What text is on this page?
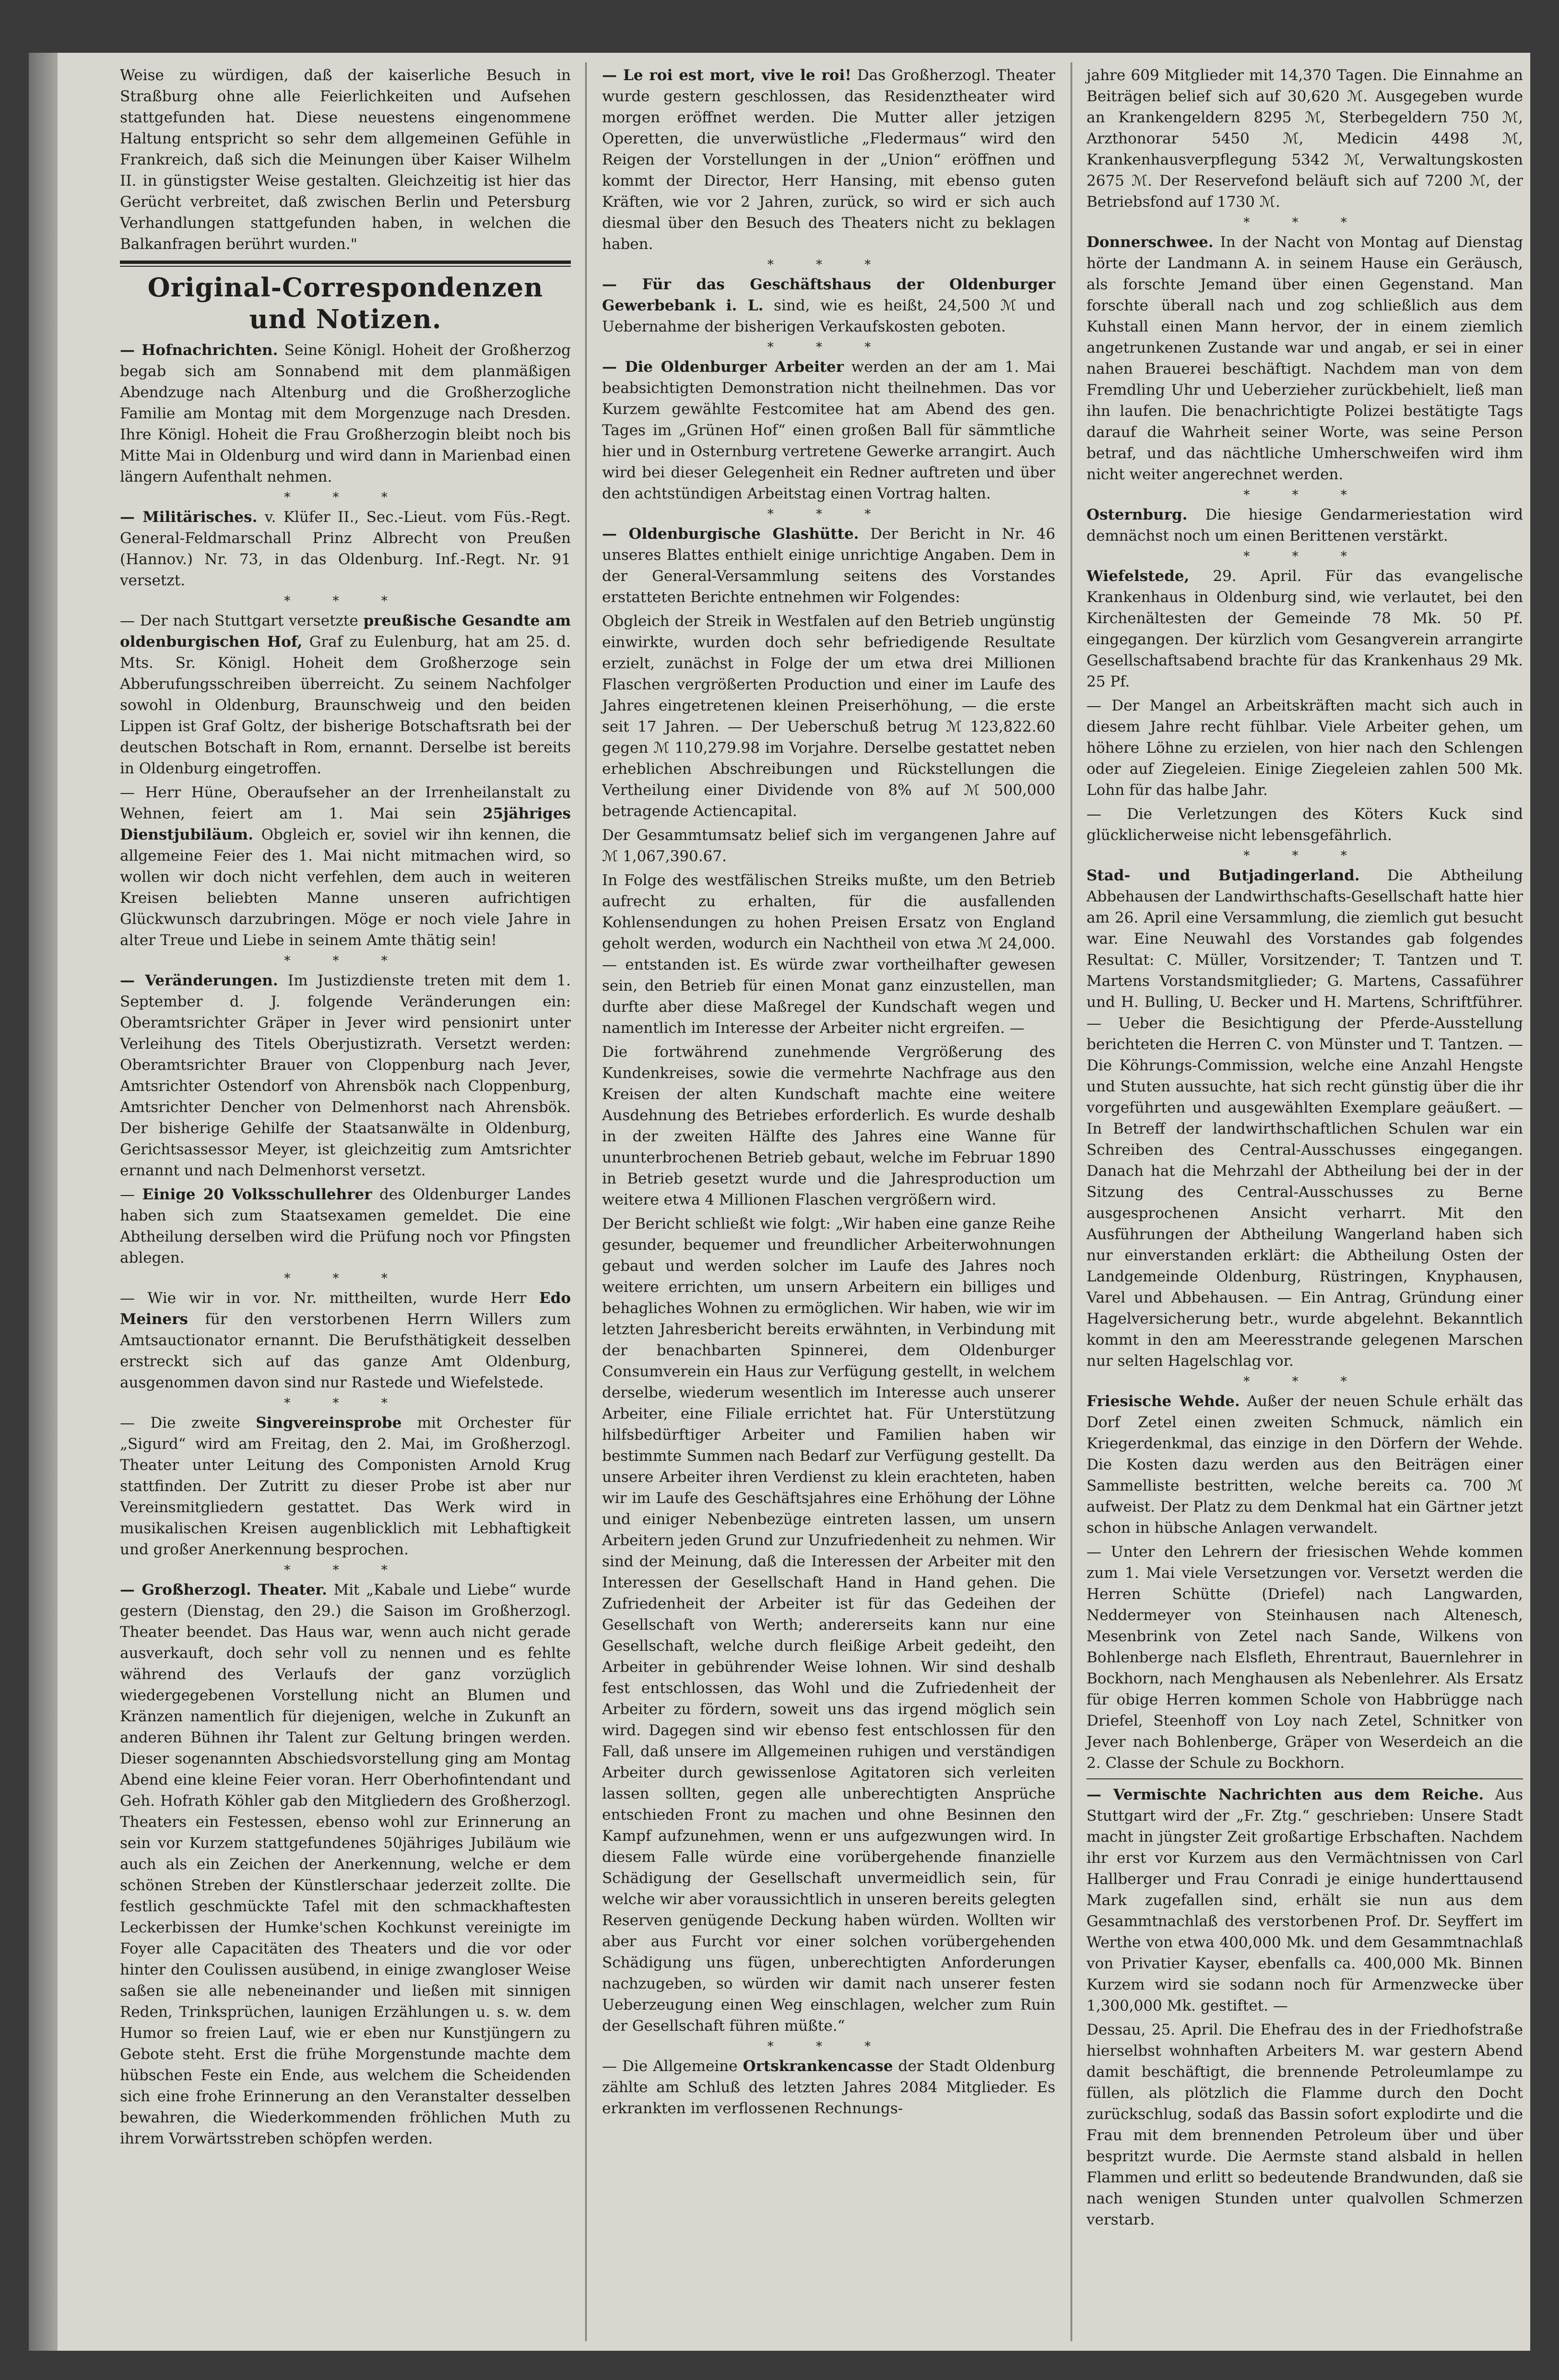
Weise zu würdigen, daß der kaiserliche Besuch in Straßburg ohne alle Feierlichkeiten und Aufsehen stattgefunden hat. Diese neuestens eingenommene Haltung entspricht so sehr dem allgemeinen Gefühle in Frankreich, daß sich die Meinungen über Kaiser Wilhelm II. in günstigster Weise gestalten. Gleichzeitig ist hier das Gerücht verbreitet, daß zwischen Berlin und Petersburg Verhandlungen stattgefunden haben, in welchen die Balkanfragen berührt wurden."

Original-Correspondenzen und Notizen.

— Hofnachrichten. Seine Königl. Hoheit der Großherzog begab sich am Sonnabend mit dem planmäßigen Abendzuge nach Altenburg und die Großherzogliche Familie am Montag mit dem Morgenzuge nach Dresden. Ihre Königl. Hoheit die Frau Großherzogin bleibt noch bis Mitte Mai in Oldenburg und wird dann in Marienbad einen längern Aufenthalt nehmen.

* * *

— Militärisches. v. Klüfer II., Sec.-Lieut. vom Füs.-Regt. General-Feldmarschall Prinz Albrecht von Preußen (Hannov.) Nr. 73, in das Oldenburg. Inf.-Regt. Nr. 91 versetzt.

* * *

— Der nach Stuttgart versetzte preußische Gesandte am oldenburgischen Hof, Graf zu Eulenburg, hat am 25. d. Mts. Sr. Königl. Hoheit dem Großherzoge sein Abberufungsschreiben überreicht. Zu seinem Nachfolger sowohl in Oldenburg, Braunschweig und den beiden Lippen ist Graf Goltz, der bisherige Botschaftsrath bei der deutschen Botschaft in Rom, ernannt. Derselbe ist bereits in Oldenburg eingetroffen.

— Herr Hüne, Oberaufseher an der Irrenheilanstalt zu Wehnen, feiert am 1. Mai sein 25jähriges Dienstjubiläum. Obgleich er, soviel wir ihn kennen, die allgemeine Feier des 1. Mai nicht mitmachen wird, so wollen wir doch nicht verfehlen, dem auch in weiteren Kreisen beliebten Manne unseren aufrichtigen Glückwunsch darzubringen. Möge er noch viele Jahre in alter Treue und Liebe in seinem Amte thätig sein!

* * *

— Veränderungen. Im Justizdienste treten mit dem 1. September d. J. folgende Veränderungen ein: Oberamtsrichter Gräper in Jever wird pensionirt unter Verleihung des Titels Oberjustizrath. Versetzt werden: Oberamtsrichter Brauer von Cloppenburg nach Jever, Amtsrichter Ostendorf von Ahrensbök nach Cloppenburg, Amtsrichter Dencher von Delmenhorst nach Ahrensbök. Der bisherige Gehilfe der Staatsanwälte in Oldenburg, Gerichtsassessor Meyer, ist gleichzeitig zum Amtsrichter ernannt und nach Delmenhorst versetzt.

— Einige 20 Volksschullehrer des Oldenburger Landes haben sich zum Staatsexamen gemeldet. Die eine Abtheilung derselben wird die Prüfung noch vor Pfingsten ablegen.

* * *

— Wie wir in vor. Nr. mittheilten, wurde Herr Edo Meiners für den verstorbenen Herrn Willers zum Amtsauctionator ernannt. Die Berufsthätigkeit desselben erstreckt sich auf das ganze Amt Oldenburg, ausgenommen davon sind nur Rastede und Wiefelstede.

* * *

— Die zweite Singvereinsprobe mit Orchester für „Sigurd“ wird am Freitag, den 2. Mai, im Großherzogl. Theater unter Leitung des Componisten Arnold Krug stattfinden. Der Zutritt zu dieser Probe ist aber nur Vereinsmitgliedern gestattet. Das Werk wird in musikalischen Kreisen augenblicklich mit Lebhaftigkeit und großer Anerkennung besprochen.

* * *

— Großherzogl. Theater. Mit „Kabale und Liebe“ wurde gestern (Dienstag, den 29.) die Saison im Großherzogl. Theater beendet. Das Haus war, wenn auch nicht gerade ausverkauft, doch sehr voll zu nennen und es fehlte während des Verlaufs der ganz vorzüglich wiedergegebenen Vorstellung nicht an Blumen und Kränzen namentlich für diejenigen, welche in Zukunft an anderen Bühnen ihr Talent zur Geltung bringen werden. Dieser sogenannten Abschiedsvorstellung ging am Montag Abend eine kleine Feier voran. Herr Oberhofintendant und Geh. Hofrath Köhler gab den Mitgliedern des Großherzogl. Theaters ein Festessen, ebenso wohl zur Erinnerung an sein vor Kurzem stattgefundenes 50jähriges Jubiläum wie auch als ein Zeichen der Anerkennung, welche er dem schönen Streben der Künstlerschaar jederzeit zollte. Die festlich geschmückte Tafel mit den schmackhaftesten Leckerbissen der Humke'schen Kochkunst vereinigte im Foyer alle Capacitäten des Theaters und die vor oder hinter den Coulissen ausübend, in einige zwangloser Weise saßen sie alle nebeneinander und ließen mit sinnigen Reden, Trinksprüchen, launigen Erzählungen u. s. w. dem Humor so freien Lauf, wie er eben nur Kunstjüngern zu Gebote steht. Erst die frühe Morgenstunde machte dem hübschen Feste ein Ende, aus welchem die Scheidenden sich eine frohe Erinnerung an den Veranstalter desselben bewahren, die Wiederkommenden fröhlichen Muth zu ihrem Vorwärtsstreben schöpfen werden.

— Le roi est mort, vive le roi! Das Großherzogl. Theater wurde gestern geschlossen, das Residenztheater wird morgen eröffnet werden. Die Mutter aller jetzigen Operetten, die unverwüstliche „Fledermaus“ wird den Reigen der Vorstellungen in der „Union“ eröffnen und kommt der Director, Herr Hansing, mit ebenso guten Kräften, wie vor 2 Jahren, zurück, so wird er sich auch diesmal über den Besuch des Theaters nicht zu beklagen haben.

* * *

— Für das Geschäftshaus der Oldenburger Gewerbebank i. L. sind, wie es heißt, 24,500 ℳ und Uebernahme der bisherigen Verkaufskosten geboten.

* * *

— Die Oldenburger Arbeiter werden an der am 1. Mai beabsichtigten Demonstration nicht theilnehmen. Das vor Kurzem gewählte Festcomitee hat am Abend des gen. Tages im „Grünen Hof“ einen großen Ball für sämmtliche hier und in Osternburg vertretene Gewerke arrangirt. Auch wird bei dieser Gelegenheit ein Redner auftreten und über den achtstündigen Arbeitstag einen Vortrag halten.

* * *

— Oldenburgische Glashütte. Der Bericht in Nr. 46 unseres Blattes enthielt einige unrichtige Angaben. Dem in der General-Versammlung seitens des Vorstandes erstatteten Berichte entnehmen wir Folgendes:

Obgleich der Streik in Westfalen auf den Betrieb ungünstig einwirkte, wurden doch sehr befriedigende Resultate erzielt, zunächst in Folge der um etwa drei Millionen Flaschen vergrößerten Production und einer im Laufe des Jahres eingetretenen kleinen Preiserhöhung, — die erste seit 17 Jahren. — Der Ueberschuß betrug ℳ 123,822.60 gegen ℳ 110,279.98 im Vorjahre. Derselbe gestattet neben erheblichen Abschreibungen und Rückstellungen die Vertheilung einer Dividende von 8% auf ℳ 500,000 betragende Actiencapital.

Der Gesammtumsatz belief sich im vergangenen Jahre auf ℳ 1,067,390.67.

In Folge des westfälischen Streiks mußte, um den Betrieb aufrecht zu erhalten, für die ausfallenden Kohlensendungen zu hohen Preisen Ersatz von England geholt werden, wodurch ein Nachtheil von etwa ℳ 24,000.— entstanden ist. Es würde zwar vortheilhafter gewesen sein, den Betrieb für einen Monat ganz einzustellen, man durfte aber diese Maßregel der Kundschaft wegen und namentlich im Interesse der Arbeiter nicht ergreifen. —

Die fortwährend zunehmende Vergrößerung des Kundenkreises, sowie die vermehrte Nachfrage aus den Kreisen der alten Kundschaft machte eine weitere Ausdehnung des Betriebes erforderlich. Es wurde deshalb in der zweiten Hälfte des Jahres eine Wanne für ununterbrochenen Betrieb gebaut, welche im Februar 1890 in Betrieb gesetzt wurde und die Jahresproduction um weitere etwa 4 Millionen Flaschen vergrößern wird.

Der Bericht schließt wie folgt: „Wir haben eine ganze Reihe gesunder, bequemer und freundlicher Arbeiterwohnungen gebaut und werden solcher im Laufe des Jahres noch weitere errichten, um unsern Arbeitern ein billiges und behagliches Wohnen zu ermöglichen. Wir haben, wie wir im letzten Jahresbericht bereits erwähnten, in Verbindung mit der benachbarten Spinnerei, dem Oldenburger Consumverein ein Haus zur Verfügung gestellt, in welchem derselbe, wiederum wesentlich im Interesse auch unserer Arbeiter, eine Filiale errichtet hat. Für Unterstützung hilfsbedürftiger Arbeiter und Familien haben wir bestimmte Summen nach Bedarf zur Verfügung gestellt. Da unsere Arbeiter ihren Verdienst zu klein erachteten, haben wir im Laufe des Geschäftsjahres eine Erhöhung der Löhne und einiger Nebenbezüge eintreten lassen, um unsern Arbeitern jeden Grund zur Unzufriedenheit zu nehmen. Wir sind der Meinung, daß die Interessen der Arbeiter mit den Interessen der Gesellschaft Hand in Hand gehen. Die Zufriedenheit der Arbeiter ist für das Gedeihen der Gesellschaft von Werth; andererseits kann nur eine Gesellschaft, welche durch fleißige Arbeit gedeiht, den Arbeiter in gebührender Weise lohnen. Wir sind deshalb fest entschlossen, das Wohl und die Zufriedenheit der Arbeiter zu fördern, soweit uns das irgend möglich sein wird. Dagegen sind wir ebenso fest entschlossen für den Fall, daß unsere im Allgemeinen ruhigen und verständigen Arbeiter durch gewissenlose Agitatoren sich verleiten lassen sollten, gegen alle unberechtigten Ansprüche entschieden Front zu machen und ohne Besinnen den Kampf aufzunehmen, wenn er uns aufgezwungen wird. In diesem Falle würde eine vorübergehende finanzielle Schädigung der Gesellschaft unvermeidlich sein, für welche wir aber voraussichtlich in unseren bereits gelegten Reserven genügende Deckung haben würden. Wollten wir aber aus Furcht vor einer solchen vorübergehenden Schädigung uns fügen, unberechtigten Anforderungen nachzugeben, so würden wir damit nach unserer festen Ueberzeugung einen Weg einschlagen, welcher zum Ruin der Gesellschaft führen müßte.“

* * *

— Die Allgemeine Ortskrankencasse der Stadt Oldenburg zählte am Schluß des letzten Jahres 2084 Mitglieder. Es erkrankten im verflossenen Rechnungs-

jahre 609 Mitglieder mit 14,370 Tagen. Die Einnahme an Beiträgen belief sich auf 30,620 ℳ. Ausgegeben wurde an Krankengeldern 8295 ℳ, Sterbegeldern 750 ℳ, Arzthonorar 5450 ℳ, Medicin 4498 ℳ, Krankenhausverpflegung 5342 ℳ, Verwaltungskosten 2675 ℳ. Der Reservefond beläuft sich auf 7200 ℳ, der Betriebsfond auf 1730 ℳ.

* * *

Donnerschwee. In der Nacht von Montag auf Dienstag hörte der Landmann A. in seinem Hause ein Geräusch, als forschte Jemand über einen Gegenstand. Man forschte überall nach und zog schließlich aus dem Kuhstall einen Mann hervor, der in einem ziemlich angetrunkenen Zustande war und angab, er sei in einer nahen Brauerei beschäftigt. Nachdem man von dem Fremdling Uhr und Ueberzieher zurückbehielt, ließ man ihn laufen. Die benachrichtigte Polizei bestätigte Tags darauf die Wahrheit seiner Worte, was seine Person betraf, und das nächtliche Umherschweifen wird ihm nicht weiter angerechnet werden.

* * *

Osternburg. Die hiesige Gendarmeriestation wird demnächst noch um einen Berittenen verstärkt.

* * *

Wiefelstede, 29. April. Für das evangelische Krankenhaus in Oldenburg sind, wie verlautet, bei den Kirchenältesten der Gemeinde 78 Mk. 50 Pf. eingegangen. Der kürzlich vom Gesangverein arrangirte Gesellschaftsabend brachte für das Krankenhaus 29 Mk. 25 Pf.

— Der Mangel an Arbeitskräften macht sich auch in diesem Jahre recht fühlbar. Viele Arbeiter gehen, um höhere Löhne zu erzielen, von hier nach den Schlengen oder auf Ziegeleien. Einige Ziegeleien zahlen 500 Mk. Lohn für das halbe Jahr.

— Die Verletzungen des Köters Kuck sind glücklicherweise nicht lebensgefährlich.

* * *

Stad- und Butjadingerland. Die Abtheilung Abbehausen der Landwirthschafts-Gesellschaft hatte hier am 26. April eine Versammlung, die ziemlich gut besucht war. Eine Neuwahl des Vorstandes gab folgendes Resultat: C. Müller, Vorsitzender; T. Tantzen und T. Martens Vorstandsmitglieder; G. Martens, Cassaführer und H. Bulling, U. Becker und H. Martens, Schriftführer. — Ueber die Besichtigung der Pferde-Ausstellung berichteten die Herren C. von Münster und T. Tantzen. — Die Köhrungs-Commission, welche eine Anzahl Hengste und Stuten aussuchte, hat sich recht günstig über die ihr vorgeführten und ausgewählten Exemplare geäußert. — In Betreff der landwirthschaftlichen Schulen war ein Schreiben des Central-Ausschusses eingegangen. Danach hat die Mehrzahl der Abtheilung bei der in der Sitzung des Central-Ausschusses zu Berne ausgesprochenen Ansicht verharrt. Mit den Ausführungen der Abtheilung Wangerland haben sich nur einverstanden erklärt: die Abtheilung Osten der Landgemeinde Oldenburg, Rüstringen, Knyphausen, Varel und Abbehausen. — Ein Antrag, Gründung einer Hagelversicherung betr., wurde abgelehnt. Bekanntlich kommt in den am Meeresstrande gelegenen Marschen nur selten Hagelschlag vor.

* * *

Friesische Wehde. Außer der neuen Schule erhält das Dorf Zetel einen zweiten Schmuck, nämlich ein Kriegerdenkmal, das einzige in den Dörfern der Wehde. Die Kosten dazu werden aus den Beiträgen einer Sammelliste bestritten, welche bereits ca. 700 ℳ aufweist. Der Platz zu dem Denkmal hat ein Gärtner jetzt schon in hübsche Anlagen verwandelt.

— Unter den Lehrern der friesischen Wehde kommen zum 1. Mai viele Versetzungen vor. Versetzt werden die Herren Schütte (Driefel) nach Langwarden, Neddermeyer von Steinhausen nach Altenesch, Mesenbrink von Zetel nach Sande, Wilkens von Bohlenberge nach Elsfleth, Ehrentraut, Bauernlehrer in Bockhorn, nach Menghausen als Nebenlehrer. Als Ersatz für obige Herren kommen Schole von Habbrügge nach Driefel, Steenhoff von Loy nach Zetel, Schnitker von Jever nach Bohlenberge, Gräper von Weserdeich an die 2. Classe der Schule zu Bockhorn.

— Vermischte Nachrichten aus dem Reiche. Aus Stuttgart wird der „Fr. Ztg.“ geschrieben: Unsere Stadt macht in jüngster Zeit großartige Erbschaften. Nachdem ihr erst vor Kurzem aus den Vermächtnissen von Carl Hallberger und Frau Conradi je einige hunderttausend Mark zugefallen sind, erhält sie nun aus dem Gesammtnachlaß des verstorbenen Prof. Dr. Seyffert im Werthe von etwa 400,000 Mk. und dem Gesammtnachlaß von Privatier Kayser, ebenfalls ca. 400,000 Mk. Binnen Kurzem wird sie sodann noch für Armenzwecke über 1,300,000 Mk. gestiftet. —

Dessau, 25. April. Die Ehefrau des in der Friedhofstraße hierselbst wohnhaften Arbeiters M. war gestern Abend damit beschäftigt, die brennende Petroleumlampe zu füllen, als plötzlich die Flamme durch den Docht zurückschlug, sodaß das Bassin sofort explodirte und die Frau mit dem brennenden Petroleum über und über bespritzt wurde. Die Aermste stand alsbald in hellen Flammen und erlitt so bedeutende Brandwunden, daß sie nach wenigen Stunden unter qualvollen Schmerzen verstarb.
